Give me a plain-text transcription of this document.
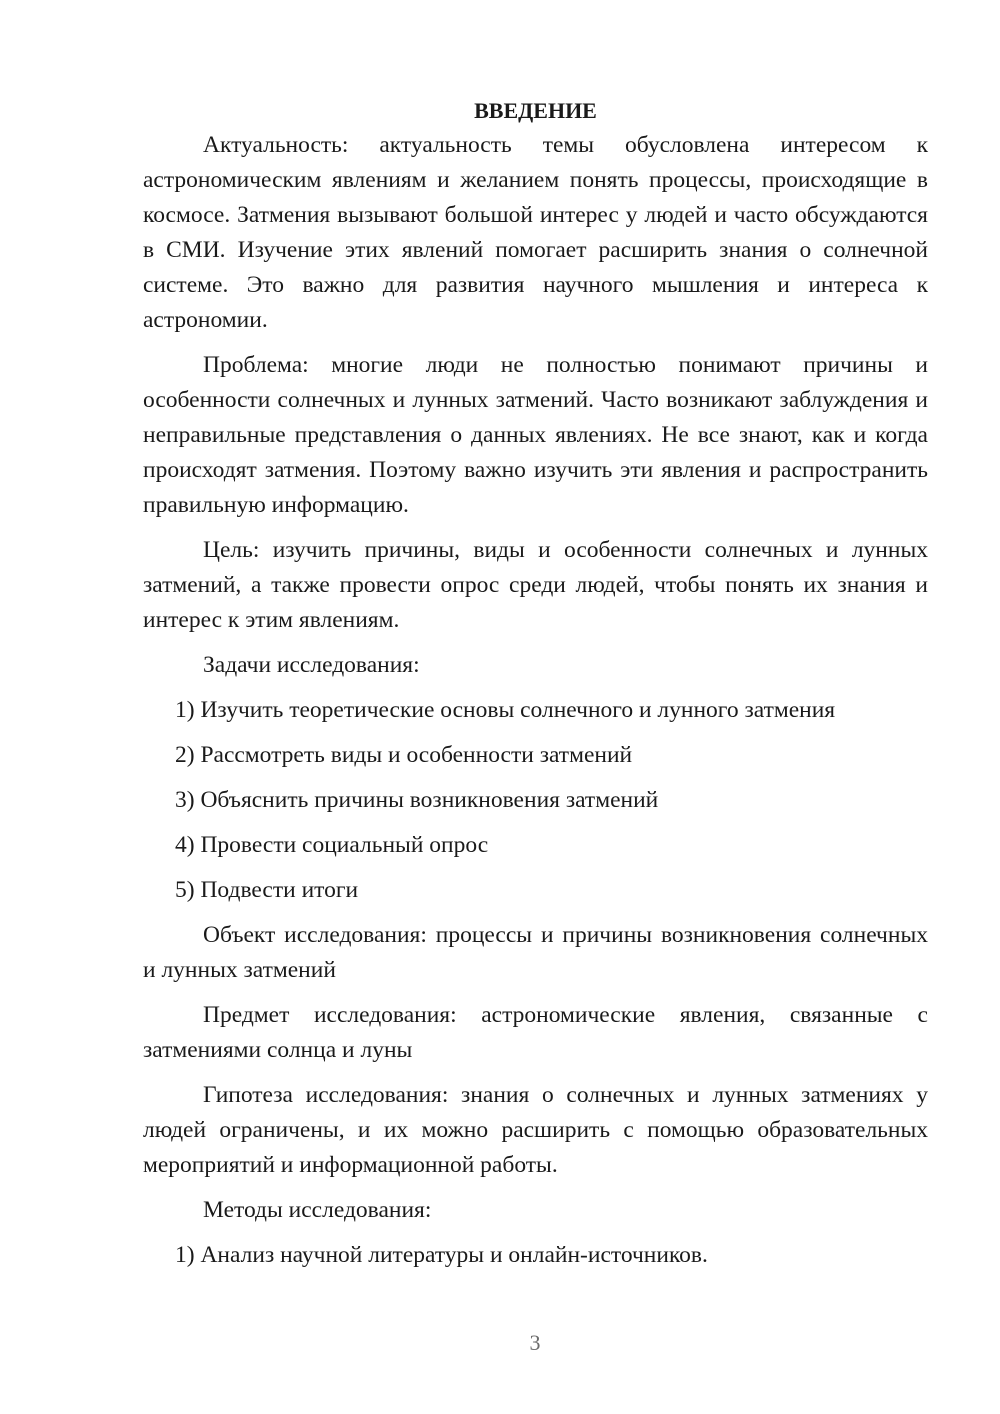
ВВЕДЕНИЕ

Актуальность: актуальность темы обусловлена интересом к астрономическим явлениям и желанием понять процессы, происходящие в космосе. Затмения вызывают большой интерес у людей и часто обсуждаются в СМИ. Изучение этих явлений помогает расширить знания о солнечной системе. Это важно для развития научного мышления и интереса к астрономии.

Проблема: многие люди не полностью понимают причины и особенности солнечных и лунных затмений. Часто возникают заблуждения и неправильные представления о данных явлениях. Не все знают, как и когда происходят затмения. Поэтому важно изучить эти явления и распространить правильную информацию.

Цель: изучить причины, виды и особенности солнечных и лунных затмений, а также провести опрос среди людей, чтобы понять их знания и интерес к этим явлениям.

Задачи исследования:

1) Изучить теоретические основы солнечного и лунного затмения
2) Рассмотреть виды и особенности затмений
3) Объяснить причины возникновения затмений
4) Провести социальный опрос
5) Подвести итоги

Объект исследования: процессы и причины возникновения солнечных и лунных затмений

Предмет исследования: астрономические явления, связанные с затмениями солнца и луны

Гипотеза исследования: знания о солнечных и лунных затмениях у людей ограничены, и их можно расширить с помощью образовательных мероприятий и информационной работы.

Методы исследования:

1) Анализ научной литературы и онлайн-источников.
3
